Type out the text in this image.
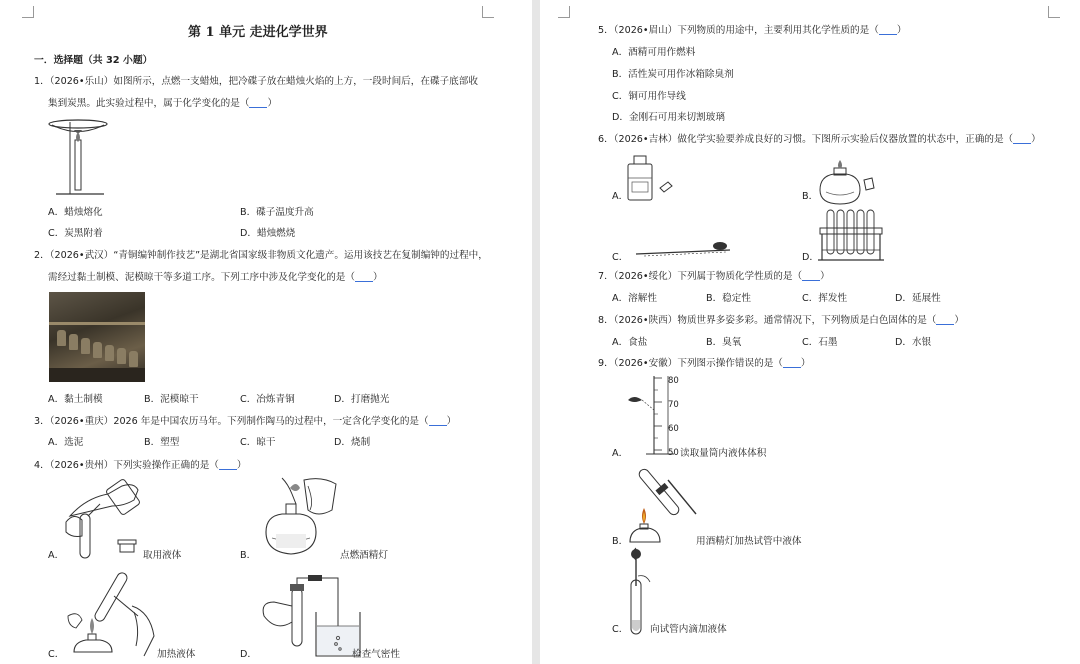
第 1 单元 走进化学世界
一．选择题（共 32 小题）
1．（2026•乐山）如图所示，点燃一支蜡烛，把冷碟子放在蜡烛火焰的上方，一段时间后，在碟子底部收
集到炭黑。此实验过程中，属于化学变化的是（ ）
A．蜡烛熔化	B．碟子温度升高
C．炭黑附着	D．蜡烛燃烧
2．（2026•武汉）“青铜编钟制作技艺”是湖北省国家级非物质文化遗产。运用该技艺在复制编钟的过程中，
需经过黏土制模、泥模晾干等多道工序。下列工序中涉及化学变化的是（ ）
A．黏土制模	B．泥模晾干	C．冶炼青铜	D．打磨抛光
3．（2026•重庆）2026 年是中国农历马年。下列制作陶马的过程中，一定含化学变化的是（ ）
A．选泥	B．塑型	C．晾干	D．烧制
4．（2026•贵州）下列实验操作正确的是（ ）
A．	取用液体	B．	点燃酒精灯
C．	加热液体	D．	检查气密性
5．（2026•眉山）下列物质的用途中，主要利用其化学性质的是（ ）
A．酒精可用作燃料
B．活性炭可用作冰箱除臭剂
C．铜可用作导线
D．金刚石可用来切割玻璃
6．（2026•吉林）做化学实验要养成良好的习惯。下图所示实验后仪器放置的状态中，正确的是（ ）
A．	B．
C．	D．
7．（2026•绥化）下列属于物质化学性质的是（ ）
A．溶解性	B．稳定性	C．挥发性	D．延展性
8．（2026•陕西）物质世界多姿多彩。通常情况下，下列物质是白色固体的是（ ）
A．食盐	B．臭氧	C．石墨	D．水银
9．（2026•安徽）下列图示操作错误的是（ ）
80
70
60
50
A．	读取量筒内液体体积
B．	用酒精灯加热试管中液体
C． 向试管内滴加液体
